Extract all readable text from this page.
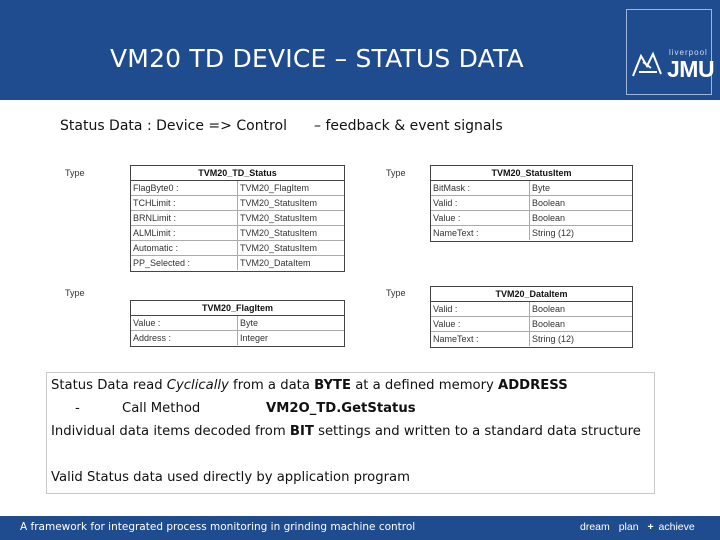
VM20 TD DEVICE – STATUS DATA	liverpool
JMU
Status Data : Device => Control – feedback & event signals
Type	Type
Type	Type
TVM20_TD_Status
FlagByte0 :	TVM20_FlagItem
TCHLimit :	TVM20_StatusItem
BRNLimit :	TVM20_StatusItem
ALMLimit :	TVM20_StatusItem
Automatic :	TVM20_StatusItem
PP_Selected :	TVM20_DataItem
TVM20_StatusItem
BitMask :	Byte
Valid :	Boolean
Value :	Boolean
NameText :	String (12)
TVM20_FlagItem
Value :	Byte
Address :	Integer
TVM20_DataItem
Valid :	Boolean
Value :	Boolean
NameText :	String (12)
Status Data read Cyclically from a data BYTE at a defined memory ADDRESS
-	Call Method	VM2O_TD.GetStatus
Individual data items decoded from BIT settings and written to a standard data structure
Valid Status data used directly by application program
A framework for integrated process monitoring in grinding machine control	dream plan + achieve
